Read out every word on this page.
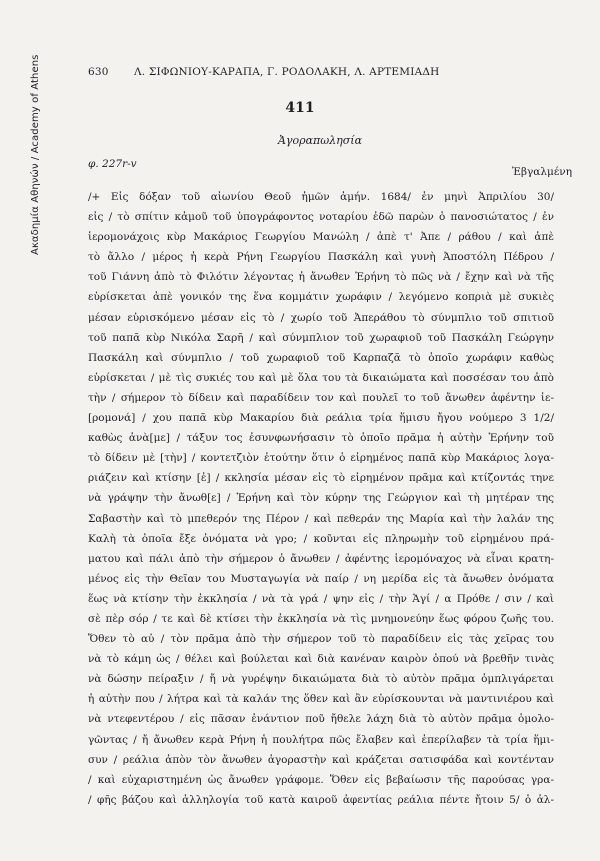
Ακαδημία Αθηνών / Academy of Athens	630 Λ. ΣΙΦΩΝΙΟΥ-ΚΑΡΑΠΑ, Γ. ΡΟΔΟΛΑΚΗ, Λ. ΑΡΤΕΜΙΑΔΗ
411
Ἀγοραπωλησία
φ. 227r-v
Ἐβγαλμένη
/+ Εἰς δόξαν τοῦ αἰωνίου Θεοῦ ἡμῶν ἀμήν. 1684/ ἐν μηνὶ Ἀπριλίου 30/
εἰς / τὸ σπίτιν κἀμοῦ τοῦ ὑπογράφοντος νοταρίου ἐδῶ παρὼν ὁ πανοσιώτατος / ἐν
ἱερομονάχοις κὺρ Μακάριος Γεωργίου Μανώλη / ἀπὲ τ' Ἀπε / ράθου / καὶ ἀπὲ
τὸ ἄλλο / μέρος ἡ κερὰ Ρήνη Γεωργίου Πασκάλη καὶ γυνὴ Ἀποστόλη Πέδρου /
τοῦ Γιάννη ἀπὸ τὸ Φιλότιν λέγοντας ἡ ἄνωθεν Ἐρήνη τὸ πῶς νὰ / ἔχην καὶ νὰ τῆς
εὑρίσκεται ἀπὲ γονικόν της ἕνα κομμάτιν χωράφιν / λεγόμενο κοπριὰ μὲ συκιὲς
μέσαν εὑρισκόμενο μέσαν εἰς τὸ / χωρίο τοῦ Ἀπεράθου τὸ σύνμπλιο τοῦ σπιτιοῦ
τοῦ παπᾶ κὺρ Νικόλα Σαρῆ / καὶ σύνμπλιον τοῦ χωραφιοῦ τοῦ Πασκάλη Γεώργην
Πασκάλη καὶ σύνμπλιο / τοῦ χωραφιοῦ τοῦ Καρπαζᾶ τὸ ὁποῖο χωράφιν καθὼς
εὑρίσκεται / μὲ τὶς συκιές του καὶ μὲ ὅλα του τὰ δικαιώματα καὶ ποσσέσαν του ἀπὸ
τὴν / σήμερον τὸ δίδειν καὶ παραδίδειν τον καὶ πουλεῖ το τοῦ ἄνωθεν ἀφέντην ἱε-
[ρομονά] / χου παπᾶ κὺρ Μακαρίου διὰ ρεάλια τρία ἥμισυ ἤγου νούμερο 3 1/2/
καθὼς ἀνὰ[με] / τάξυν τος ἐσυνφωνήσασιν τὸ ὁποῖο πρᾶμα ἡ αὐτὴν Ἐρήνην τοῦ
τὸ δίδειν μὲ [τὴν] / κοντετζιὸν ἐτούτην ὅτιν ὁ εἰρημένος παπᾶ κὺρ Μακάριος λογα-
ριάζειν καὶ κτίσην [ἐ] / κκλησία μέσαν εἰς τὸ εἰρημένον πρᾶμα καὶ κτίζοντάς τηνε
νὰ γράψην τὴν ἄνωθ[ε] / Ἐρήνη καὶ τὸν κύρην της Γεώργιον καὶ τὴ μητέραν της
Σαβαστὴν καὶ τὸ μπεθερόν της Πέρον / καὶ πεθεράν της Μαρία καὶ τὴν λαλάν της
Καλὴ τὰ ὁποῖα ἔξε ὀνόματα νὰ γρο; / κοῦνται εἰς πληρωμὴν τοῦ εἰρημένου πρά-
ματου καὶ πάλι ἀπὸ τὴν σήμερον ὁ ἄνωθεν / ἀφέντης ἱερομόναχος νὰ εἶναι κρατη-
μένος εἰς τὴν Θεῖαν του Μυσταγωγία νὰ παίρ / νη μερίδα εἰς τὰ ἄνωθεν ὀνόματα
ἕως νὰ κτίσην τὴν ἐκκλησία / νὰ τὰ γρά / ψην εἰς / τὴν Ἁγί / α Πρόθε / σιν / καὶ
σὲ πὲρ σόρ / τε καὶ δὲ κτίσει τὴν ἐκκλησία νὰ τὶς μνημονεύην ἕως φόρου ζωῆς του.
Ὅθεν τὸ αὐ / τὸν πρᾶμα ἀπὸ τὴν σήμερον τοῦ τὸ παραδίδειν εἰς τὰς χεῖρας του
νὰ τὸ κάμη ὡς / θέλει καὶ βούλεται καὶ διὰ κανέναν καιρὸν ὁπού νὰ βρεθῆν τινὰς
νὰ δώσην πείραξιν / ἤ νὰ γυρέψην δικαιώματα διὰ τὸ αὐτὸν πρᾶμα ὀμπλιγάρεται
ἡ αὐτὴν που / λήτρα καὶ τὰ καλάν της ὅθεν καὶ ἂν εὑρίσκουνται νὰ μαντινιέρου καὶ
νὰ ντεφεντέρου / εἰς πᾶσαν ἐνάντιον ποῦ ἤθελε λάχη διὰ τὸ αὐτὸν πρᾶμα ὁμολο-
γῶντας / ἤ ἄνωθεν κερὰ Ρήνη ἡ πουλήτρα πῶς ἔλαβεν καὶ ἐπερίλαβεν τὰ τρία ἥμι-
συν / ρεάλια ἀπὸν τὸν ἄνωθεν ἀγοραστὴν καὶ κράζεται σατισφάδα καὶ κοντένταν
/ καὶ εὐχαριστημένη ὡς ἄνωθεν γράφομε. Ὅθεν εἰς βεβαίωσιν τῆς παρούσας γρα-
/ φῆς βάζου καὶ ἀλληλογία τοῦ κατὰ καιροῦ ἀφεντίας ρεάλια πέντε ἤτοιν 5/ ὁ ἀλ-
